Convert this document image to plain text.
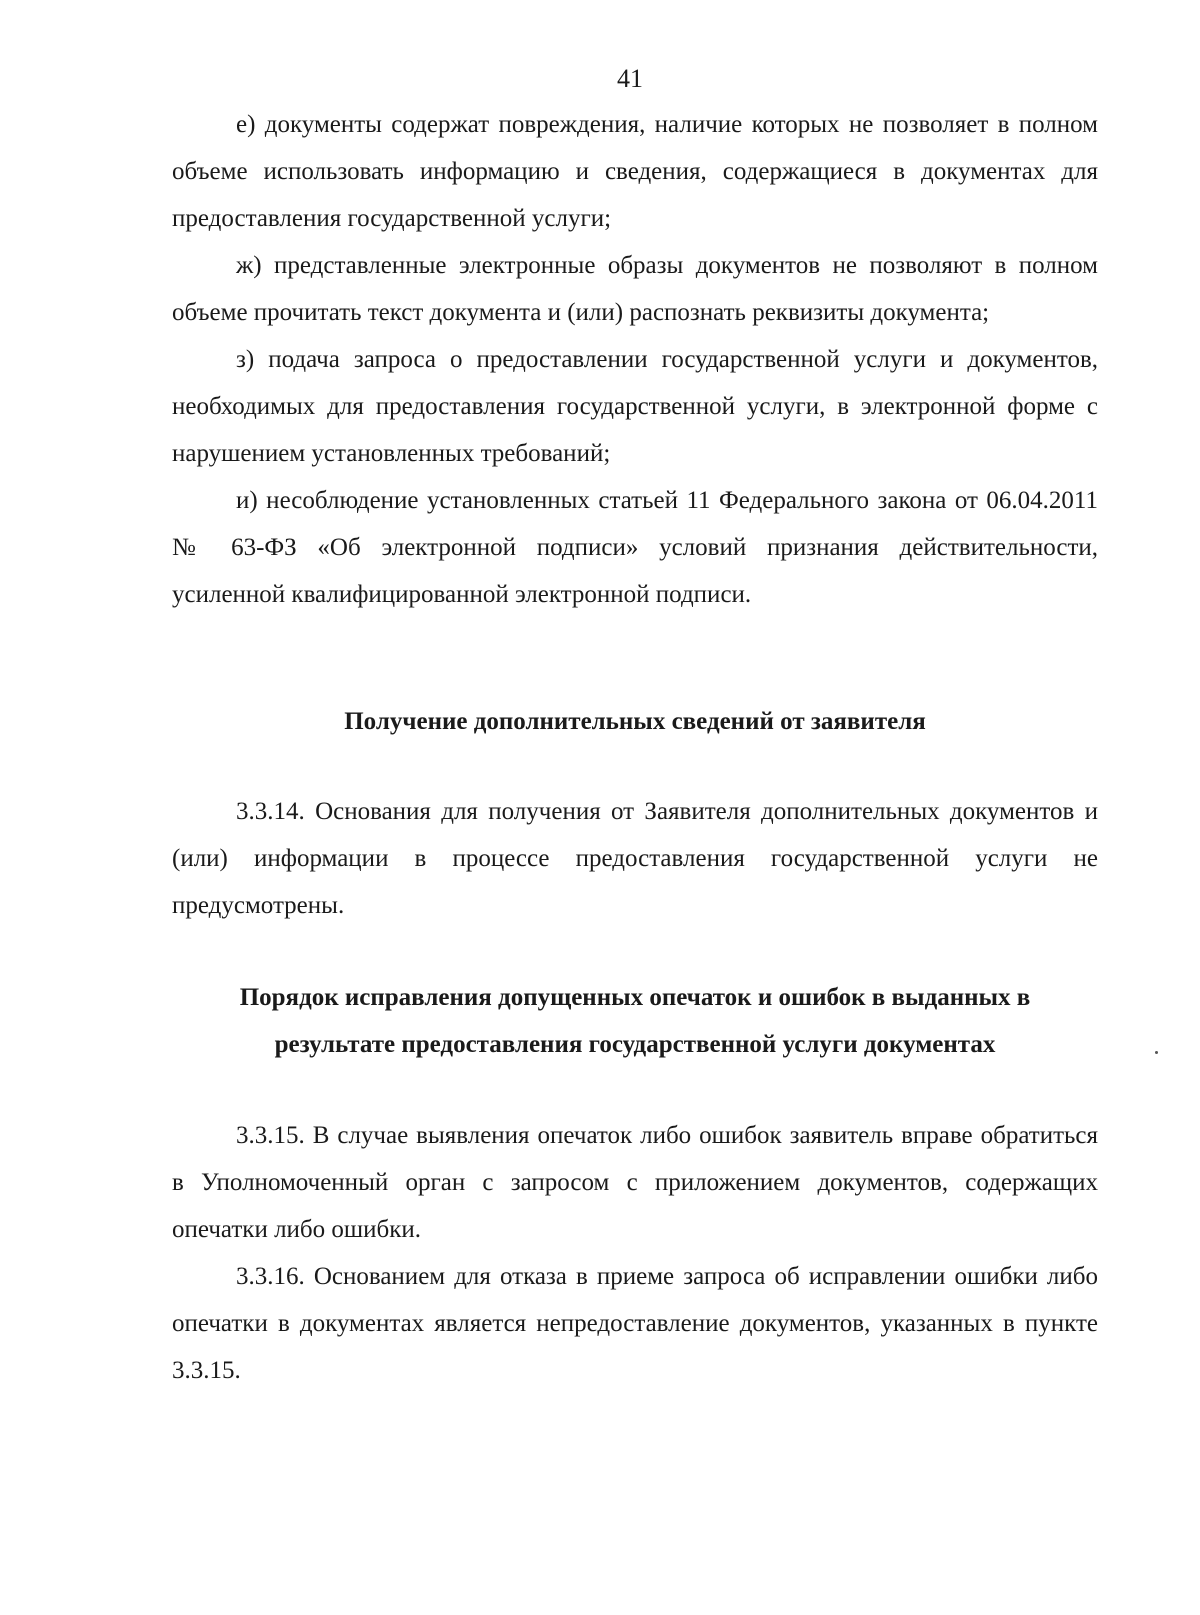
41

е) документы содержат повреждения, наличие которых не позволяет в полном объеме использовать информацию и сведения, содержащиеся в документах для предоставления государственной услуги;

ж) представленные электронные образы документов не позволяют в полном объеме прочитать текст документа и (или) распознать реквизиты документа;

з) подача запроса о предоставлении государственной услуги и документов, необходимых для предоставления государственной услуги, в электронной форме с нарушением установленных требований;

и) несоблюдение установленных статьей 11 Федерального закона от 06.04.2011 № 63-ФЗ «Об электронной подписи» условий признания действительности, усиленной квалифицированной электронной подписи.

Получение дополнительных сведений от заявителя

3.3.14. Основания для получения от Заявителя дополнительных документов и (или) информации в процессе предоставления государственной услуги не предусмотрены.

Порядок исправления допущенных опечаток и ошибок в выданных в
результате предоставления государственной услуги документах

3.3.15. В случае выявления опечаток либо ошибок заявитель вправе обратиться в Уполномоченный орган с запросом с приложением документов, содержащих опечатки либо ошибки.

3.3.16. Основанием для отказа в приеме запроса об исправлении ошибки либо опечатки в документах является непредоставление документов, указанных в пункте 3.3.15.
